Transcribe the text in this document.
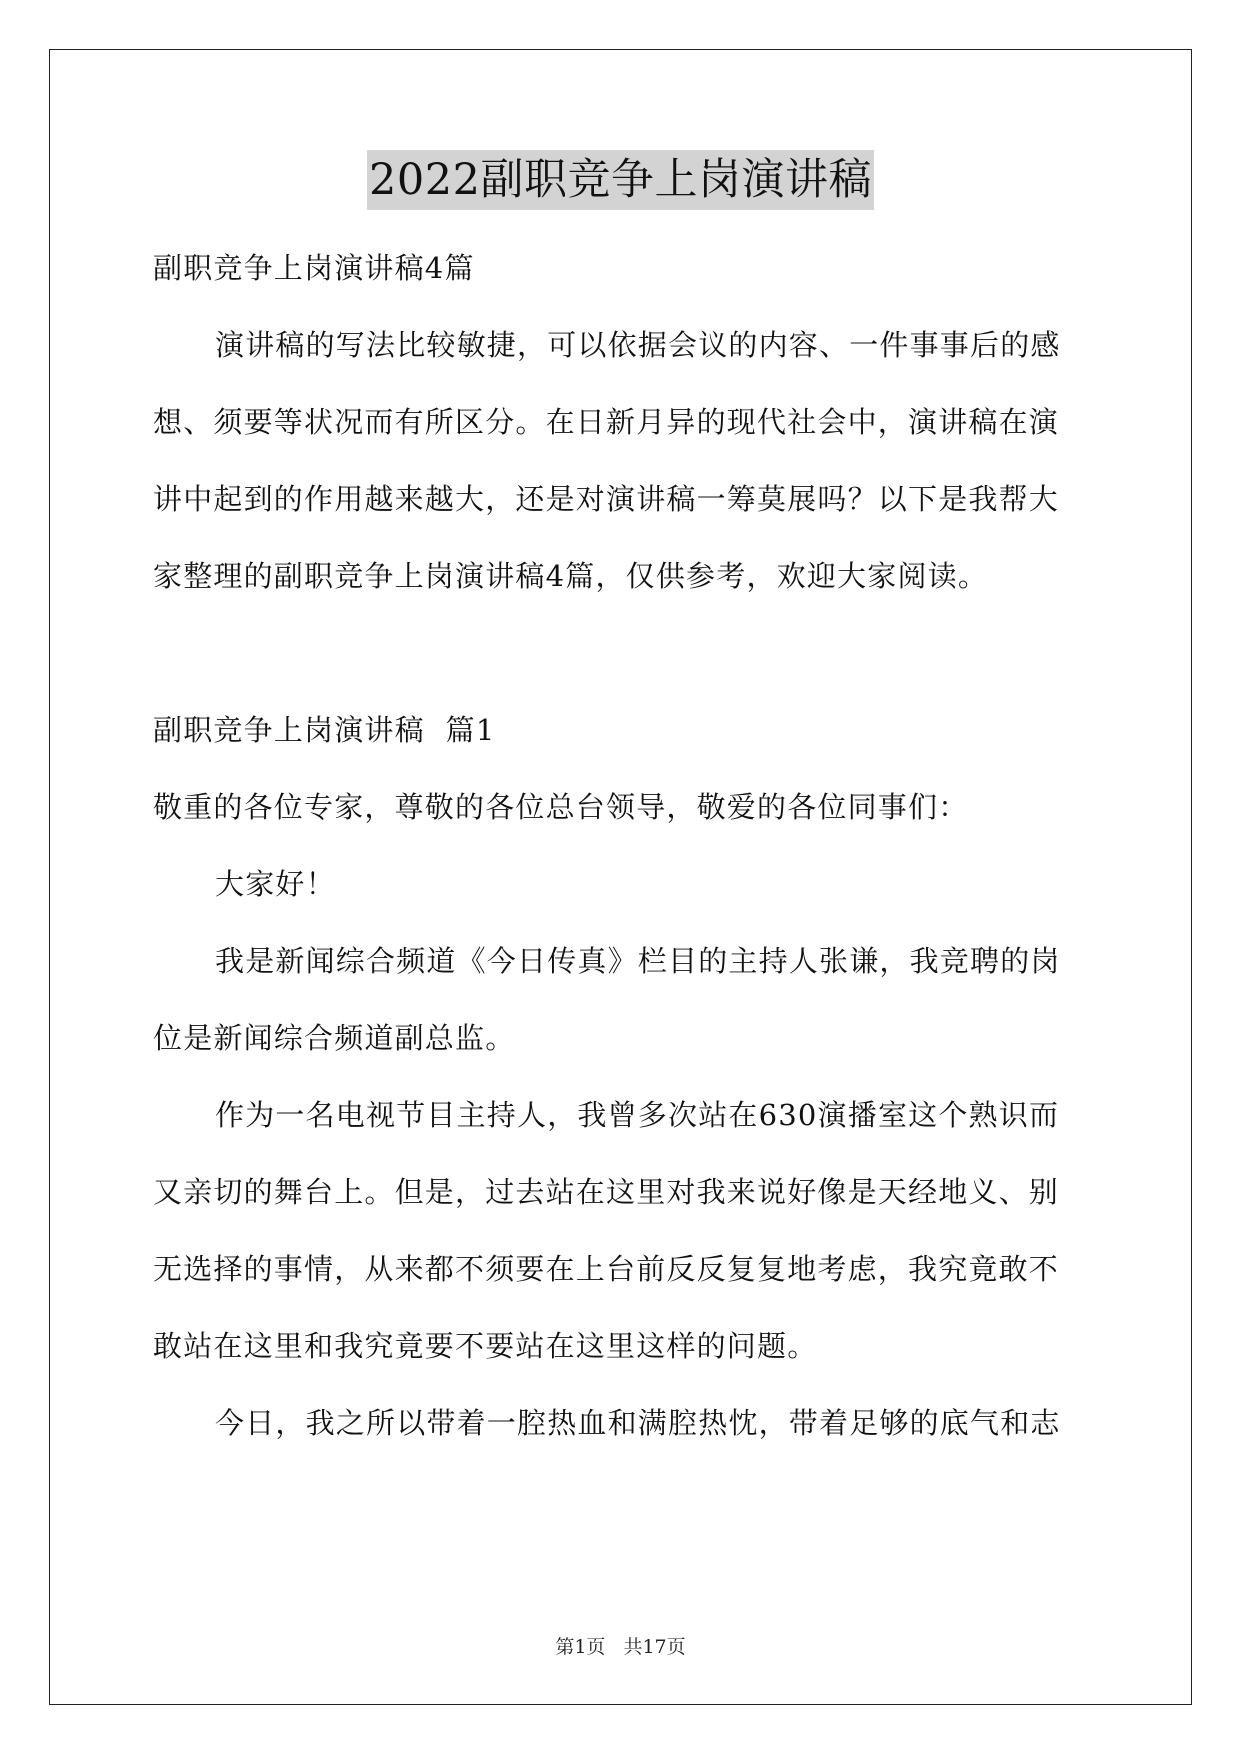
2022副职竞争上岗演讲稿
副职竞争上岗演讲稿4篇
演讲稿的写法比较敏捷，可以依据会议的内容、一件事事后的感
想、须要等状况而有所区分。在日新月异的现代社会中，演讲稿在演
讲中起到的作用越来越大，还是对演讲稿一筹莫展吗？以下是我帮大
家整理的副职竞争上岗演讲稿4篇，仅供参考，欢迎大家阅读。
副职竞争上岗演讲稿  篇1
敬重的各位专家，尊敬的各位总台领导，敬爱的各位同事们：
大家好！
我是新闻综合频道《今日传真》栏目的主持人张谦，我竞聘的岗
位是新闻综合频道副总监。
作为一名电视节目主持人，我曾多次站在630演播室这个熟识而
又亲切的舞台上。但是，过去站在这里对我来说好像是天经地义、别
无选择的事情，从来都不须要在上台前反反复复地考虑，我究竟敢不
敢站在这里和我究竟要不要站在这里这样的问题。
今日，我之所以带着一腔热血和满腔热忱，带着足够的底气和志
第1页 共17页
